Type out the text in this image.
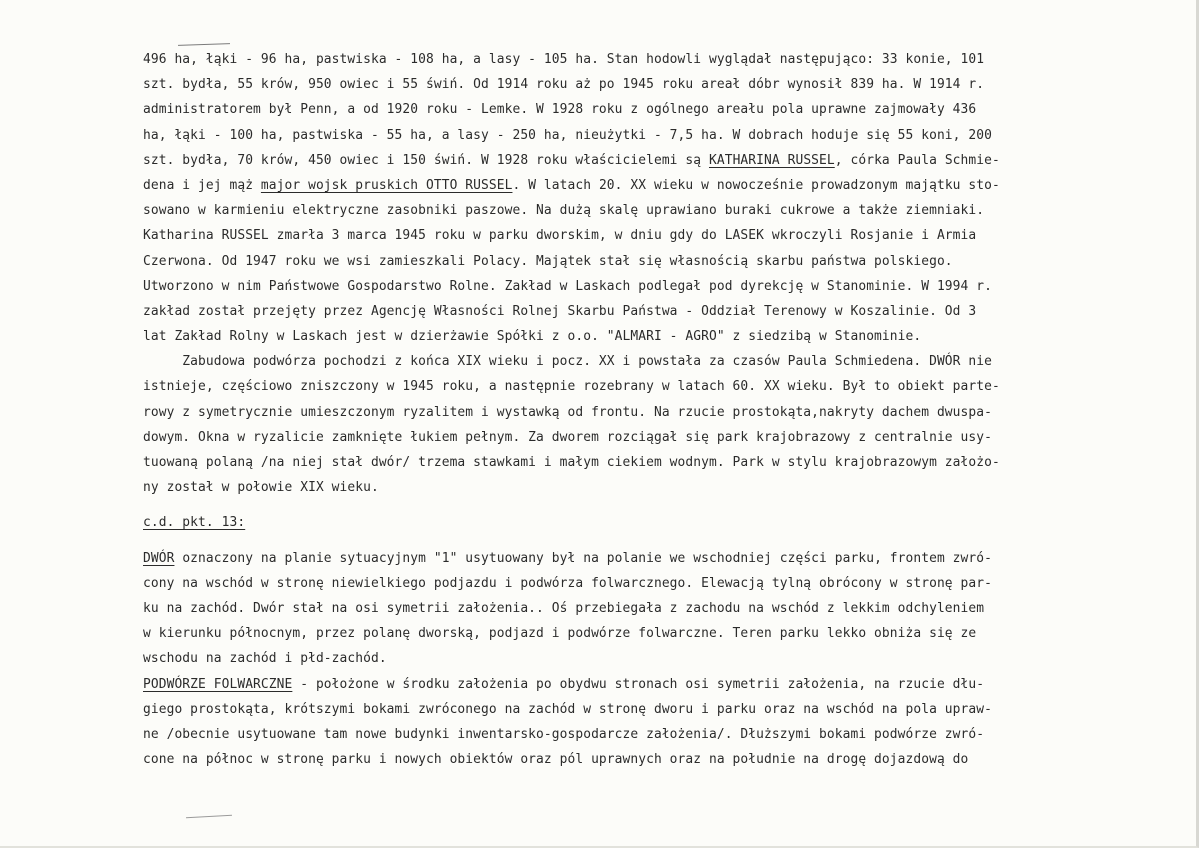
496 ha, łąki - 96 ha, pastwiska - 108 ha, a lasy - 105 ha. Stan hodowli wyglądał następująco: 33 konie, 101
szt. bydła, 55 krów, 950 owiec i 55 świń. Od 1914 roku aż po 1945 roku areał dóbr wynosił 839 ha. W 1914 r.
administratorem był Penn, a od 1920 roku - Lemke. W 1928 roku z ogólnego areału pola uprawne zajmowały 436
ha, łąki - 100 ha, pastwiska - 55 ha, a lasy - 250 ha, nieużytki - 7,5 ha. W dobrach hoduje się 55 koni, 200
szt. bydła, 70 krów, 450 owiec i 150 świń. W 1928 roku właścicielemi są KATHARINA RUSSEL, córka Paula Schmie-
dena i jej mąż major wojsk pruskich OTTO RUSSEL. W latach 20. XX wieku w nowocześnie prowadzonym majątku sto-
sowano w karmieniu elektryczne zasobniki paszowe. Na dużą skalę uprawiano buraki cukrowe a także ziemniaki.
Katharina RUSSEL zmarła 3 marca 1945 roku w parku dworskim, w dniu gdy do LASEK wkroczyli Rosjanie i Armia
Czerwona. Od 1947 roku we wsi zamieszkali Polacy. Majątek stał się własnością skarbu państwa polskiego.
Utworzono w nim Państwowe Gospodarstwo Rolne. Zakład w Laskach podlegał pod dyrekcję w Stanominie. W 1994 r.
zakład został przejęty przez Agencję Własności Rolnej Skarbu Państwa - Oddział Terenowy w Koszalinie. Od 3
lat Zakład Rolny w Laskach jest w dzierżawie Spółki z o.o. "ALMARI - AGRO" z siedzibą w Stanominie.
Zabudowa podwórza pochodzi z końca XIX wieku i pocz. XX i powstała za czasów Paula Schmiedena. DWÓR nie
istnieje, częściowo zniszczony w 1945 roku, a następnie rozebrany w latach 60. XX wieku. Był to obiekt parte-
rowy z symetrycznie umieszczonym ryzalitem i wystawką od frontu. Na rzucie prostokąta,nakryty dachem dwuspa-
dowym. Okna w ryzalicie zamknięte łukiem pełnym. Za dworem rozciągał się park krajobrazowy z centralnie usy-
tuowaną polaną /na niej stał dwór/ trzema stawkami i małym ciekiem wodnym. Park w stylu krajobrazowym założo-
ny został w połowie XIX wieku.
c.d. pkt. 13:
DWÓR oznaczony na planie sytuacyjnym "1" usytuowany był na polanie we wschodniej części parku, frontem zwró-
cony na wschód w stronę niewielkiego podjazdu i podwórza folwarcznego. Elewacją tylną obrócony w stronę par-
ku na zachód. Dwór stał na osi symetrii założenia.. Oś przebiegała z zachodu na wschód z lekkim odchyleniem
w kierunku północnym, przez polanę dworską, podjazd i podwórze folwarczne. Teren parku lekko obniża się ze
wschodu na zachód i płd-zachód.
PODWÓRZE FOLWARCZNE - położone w środku założenia po obydwu stronach osi symetrii założenia, na rzucie dłu-
giego prostokąta, krótszymi bokami zwróconego na zachód w stronę dworu i parku oraz na wschód na pola upraw-
ne /obecnie usytuowane tam nowe budynki inwentarsko-gospodarcze założenia/. Dłuższymi bokami podwórze zwró-
cone na północ w stronę parku i nowych obiektów oraz pól uprawnych oraz na południe na drogę dojazdową do
